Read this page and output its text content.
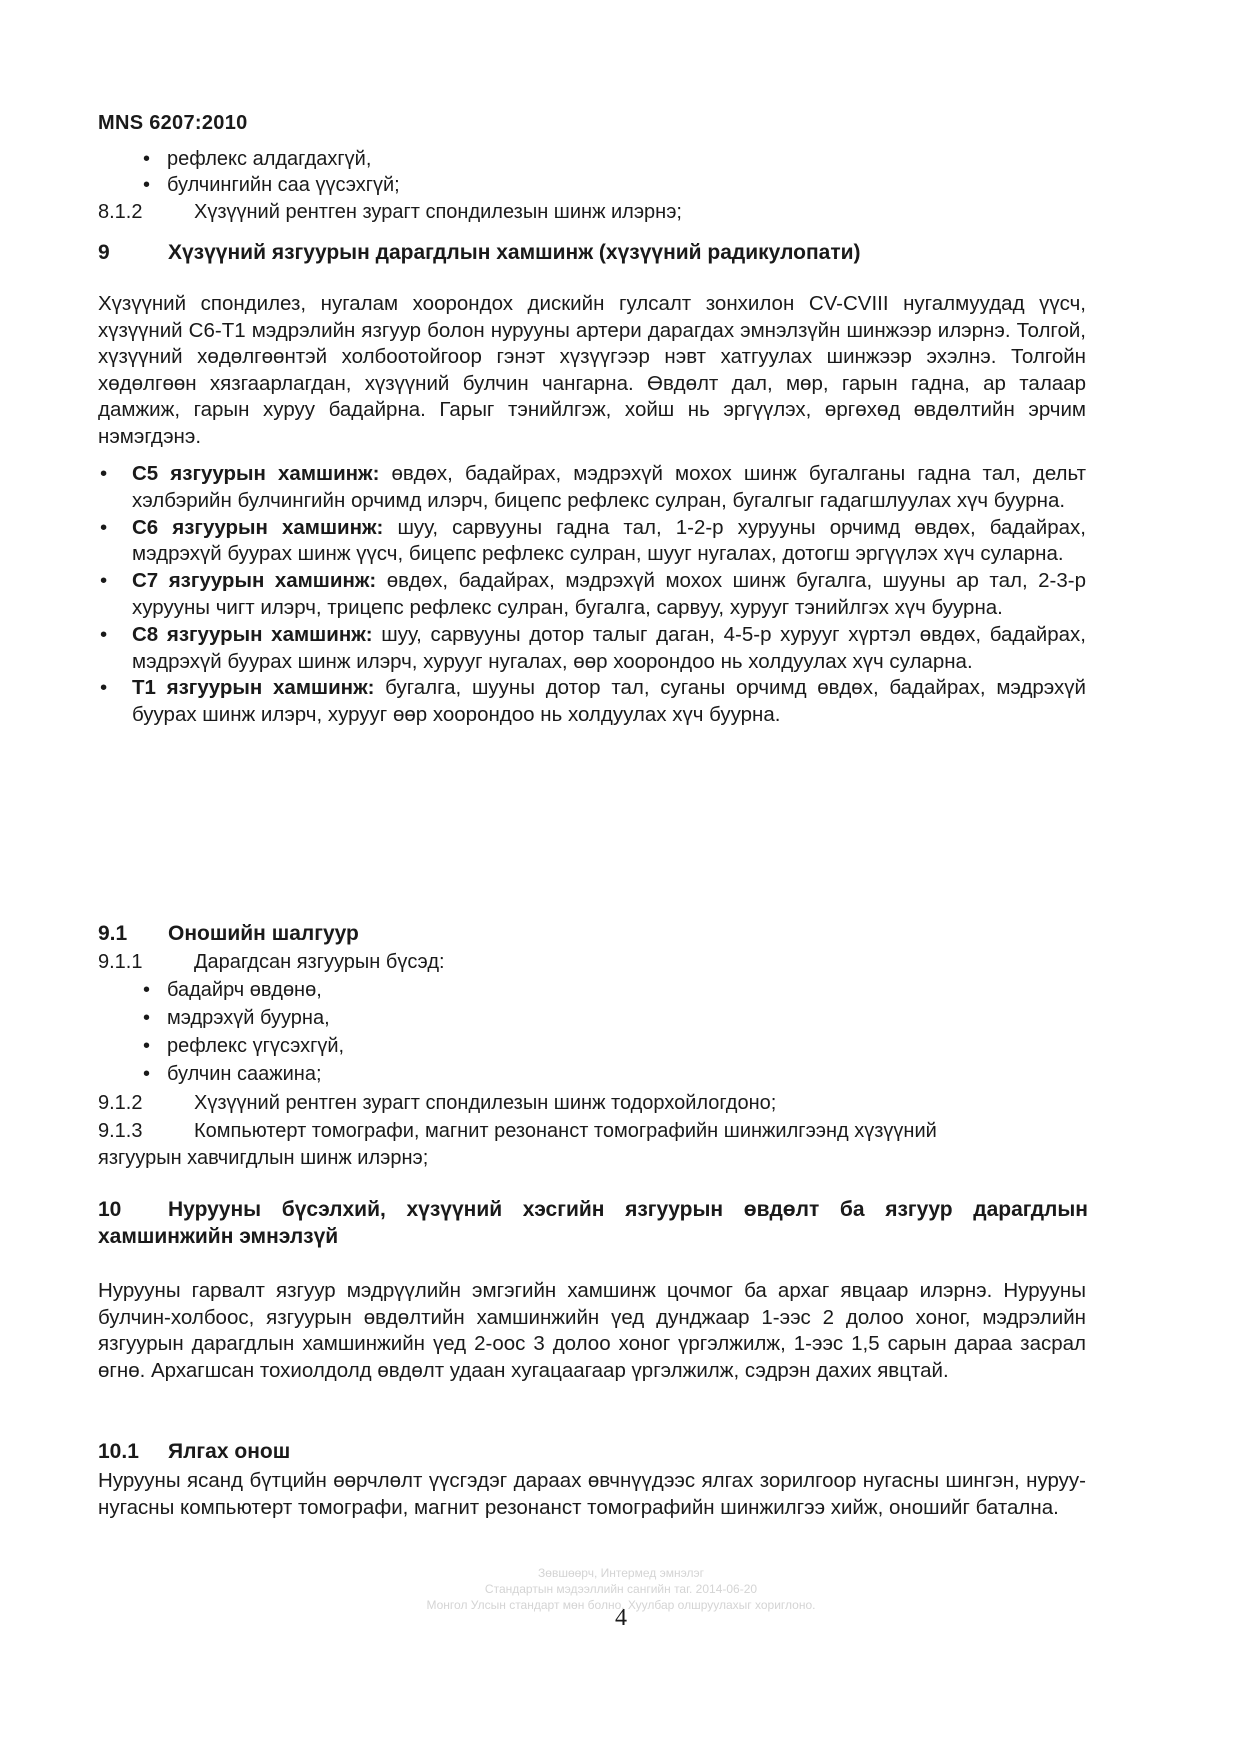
MNS 6207:2010
• рефлекс алдагдахгүй,
• булчингийн саа үүсэхгүй;
8.1.2	Хүзүүний рентген зурагт спондилезын шинж илэрнэ;
9	Хүзүүний язгуурын дарагдлын хамшинж (хүзүүний радикулопати)
Хүзүүний спондилез, нугалам хоорондох дискийн гулсалт зонхилон CV-CVIII нугалмуудад үүсч, хүзүүний C6-T1 мэдрэлийн язгуур болон нурууны артери дарагдах эмнэлзүйн шинжээр илэрнэ. Толгой, хүзүүний хөдөлгөөнтэй холбоотойгоор гэнэт хүзүүгээр нэвт хатгуулах шинжээр эхэлнэ. Толгойн хөдөлгөөн хязгаарлагдан, хүзүүний булчин чангарна. Өвдөлт дал, мөр, гарын гадна, ар талаар дамжиж, гарын хуруу бадайрна. Гарыг тэнийлгэж, хойш нь эргүүлэх, өргөхөд өвдөлтийн эрчим нэмэгдэнэ.
• C5 язгуурын хамшинж: өвдөх, бадайрах, мэдрэхүй мохох шинж бугалганы гадна тал, дельт хэлбэрийн булчингийн орчимд илэрч, бицепс рефлекс сулран, бугалгыг гадагшлуулах хүч буурна.
• C6 язгуурын хамшинж: шуу, сарвууны гадна тал, 1-2-р хурууны орчимд өвдөх, бадайрах, мэдрэхүй буурах шинж үүсч, бицепс рефлекс сулран, шууг нугалах, дотогш эргүүлэх хүч суларна.
• C7 язгуурын хамшинж: өвдөх, бадайрах, мэдрэхүй мохох шинж бугалга, шууны ар тал, 2-3-р хурууны чигт илэрч, трицепс рефлекс сулран, бугалга, сарвуу, хурууг тэнийлгэх хүч буурна.
• C8 язгуурын хамшинж: шуу, сарвууны дотор талыг даган, 4-5-р хурууг хүртэл өвдөх, бадайрах, мэдрэхүй буурах шинж илэрч, хурууг нугалах, өөр хоорондоо нь холдуулах хүч суларна.
• T1 язгуурын хамшинж: бугалга, шууны дотор тал, суганы орчимд өвдөх, бадайрах, мэдрэхүй буурах шинж илэрч, хурууг өөр хоорондоо нь холдуулах хүч буурна.
9.1 Оношийн шалгуур
9.1.1	Дарагдсан язгуурын бүсэд:
• бадайрч өвдөнө,
• мэдрэхүй буурна,
• рефлекс үгүсэхгүй,
• булчин саажина;
9.1.2	Хүзүүний рентген зурагт спондилезын шинж тодорхойлогдоно;
9.1.3	Компьютерт томографи, магнит резонанст томографийн шинжилгээнд хүзүүний
язгуурын хавчигдлын шинж илэрнэ;
10	Нурууны бүсэлхий, хүзүүний хэсгийн язгуурын өвдөлт ба язгуур дарагдлын хамшинжийн эмнэлзүй
Нурууны гарвалт язгуур мэдрүүлийн эмгэгийн хамшинж цочмог ба архаг явцаар илэрнэ. Нурууны булчин-холбоос, язгуурын өвдөлтийн хамшинжийн үед дунджаар 1-ээс 2 долоо хоног, мэдрэлийн язгуурын дарагдлын хамшинжийн үед 2-оос 3 долоо хоног үргэлжилж, 1-ээс 1,5 сарын дараа засрал өгнө. Архагшсан тохиолдолд өвдөлт удаан хугацаагаар үргэлжилж, сэдрэн дахих явцтай.
10.1 Ялгах онош
Нурууны ясанд бүтцийн өөрчлөлт үүсгэдэг дараах өвчнүүдээс ялгах зорилгоор нугасны шингэн, нуруу-нугасны компьютерт томографи, магнит резонанст томографийн шинжилгээ хийж, оношийг батална.
Зөвшөөрч, Интермед эмнэлэг
Стандартын мэдээллийн сангийн таг. 2014-06-20
Монгол Улсын стандарт мөн болно. Хуулбар олшруулахыг хориглоно.
4
